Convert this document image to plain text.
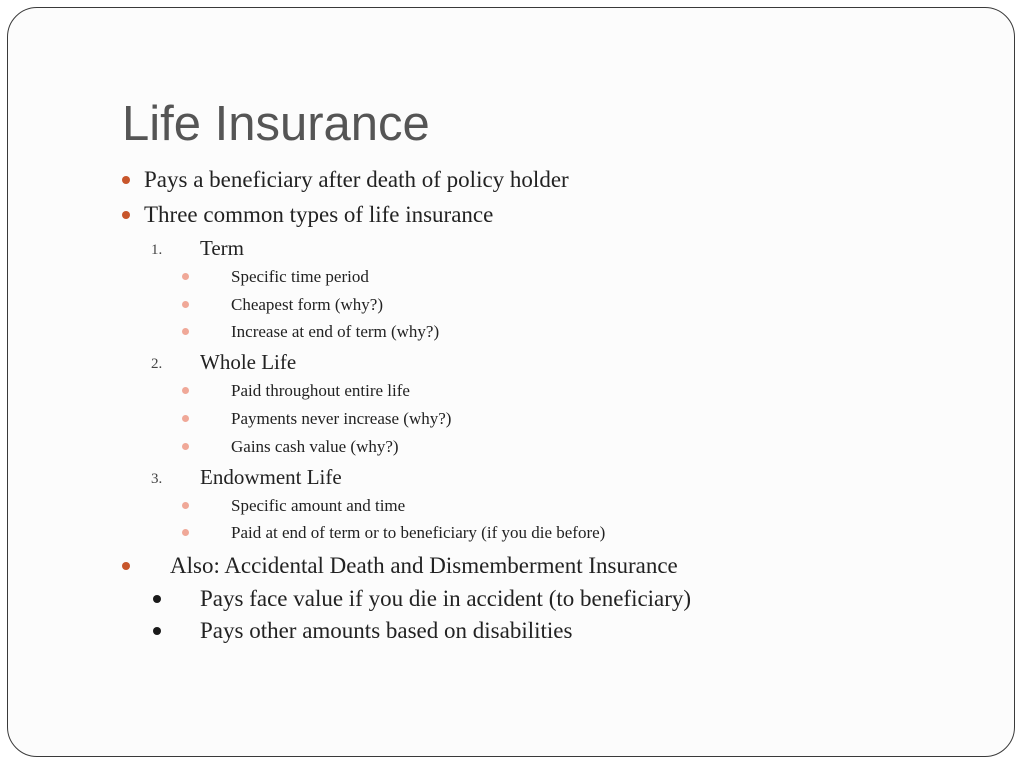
Life Insurance
Pays a beneficiary after death of policy holder
Three common types of life insurance
1. Term
Specific time period
Cheapest form (why?)
Increase at end of term (why?)
2. Whole Life
Paid throughout entire life
Payments never increase (why?)
Gains cash value (why?)
3. Endowment Life
Specific amount and time
Paid at end of term or to beneficiary (if you die before)
Also: Accidental Death and Dismemberment Insurance
Pays face value if you die in accident (to beneficiary)
Pays other amounts based on disabilities
